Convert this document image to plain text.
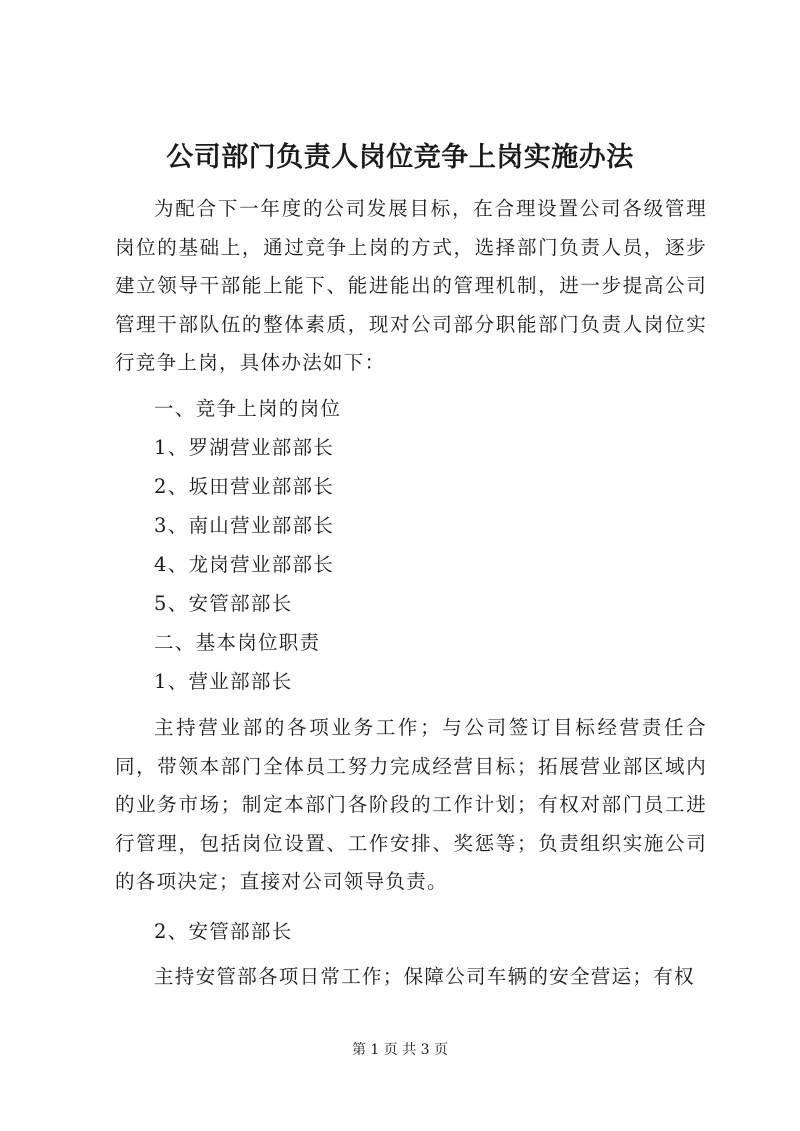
公司部门负责人岗位竞争上岗实施办法
为配合下一年度的公司发展目标，在合理设置公司各级管理岗位的基础上，通过竞争上岗的方式，选择部门负责人员，逐步建立领导干部能上能下、能进能出的管理机制，进一步提高公司管理干部队伍的整体素质，现对公司部分职能部门负责人岗位实行竞争上岗，具体办法如下：
一、竞争上岗的岗位
1、罗湖营业部部长
2、坂田营业部部长
3、南山营业部部长
4、龙岗营业部部长
5、安管部部长
二、基本岗位职责
1、营业部部长
主持营业部的各项业务工作；与公司签订目标经营责任合同，带领本部门全体员工努力完成经营目标；拓展营业部区域内的业务市场；制定本部门各阶段的工作计划；有权对部门员工进行管理，包括岗位设置、工作安排、奖惩等；负责组织实施公司的各项决定；直接对公司领导负责。
2、安管部部长
主持安管部各项日常工作；保障公司车辆的安全营运；有权
第 1 页 共 3 页
